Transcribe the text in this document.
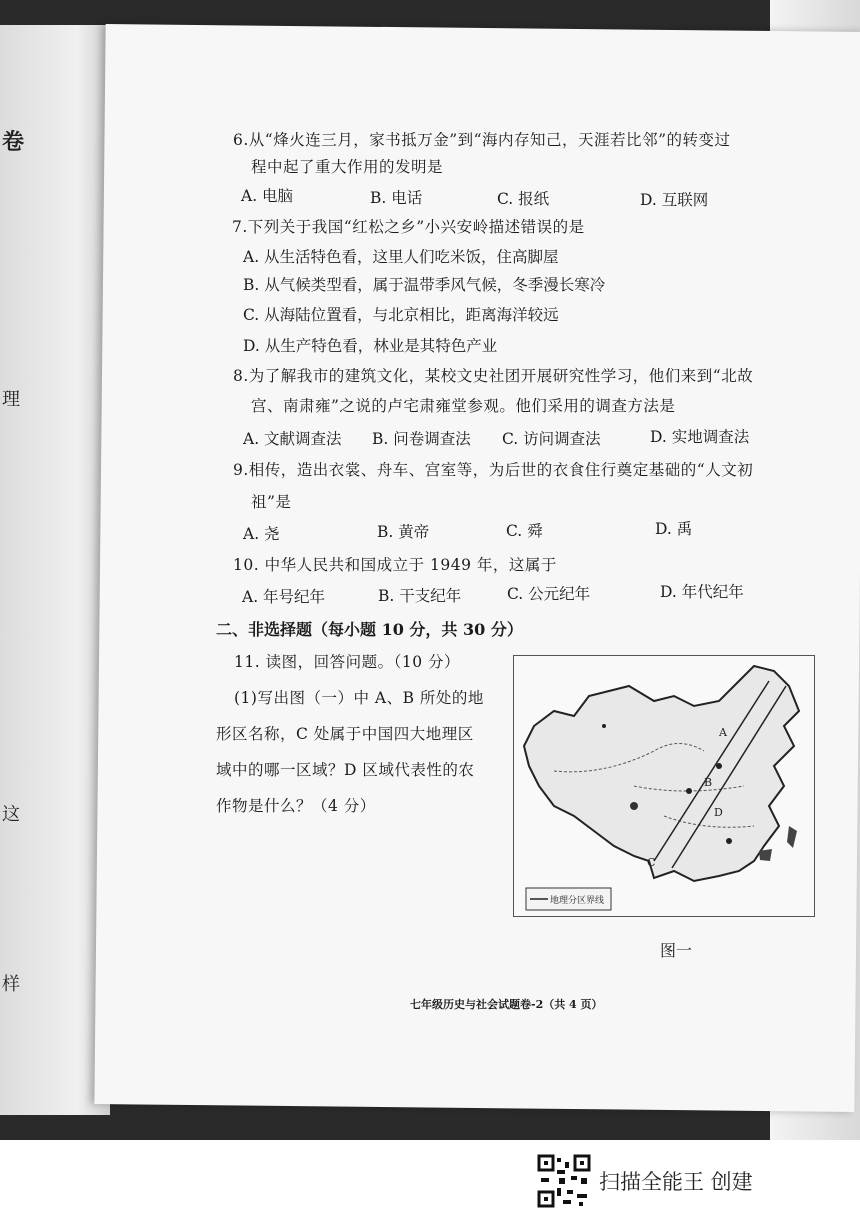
卷
理
这
样
6.从“烽火连三月，家书抵万金”到“海内存知己，天涯若比邻”的转变过
程中起了重大作用的发明是
A. 电脑	B. 电话	C. 报纸	D. 互联网
7.下列关于我国“红松之乡”小兴安岭描述错误的是
A. 从生活特色看，这里人们吃米饭，住高脚屋
B. 从气候类型看，属于温带季风气候，冬季漫长寒冷
C. 从海陆位置看，与北京相比，距离海洋较远
D. 从生产特色看，林业是其特色产业
8.为了解我市的建筑文化，某校文史社团开展研究性学习，他们来到“北故
宫、南肃雍”之说的卢宅肃雍堂参观。他们采用的调查方法是
A. 文献调查法 B. 问卷调查法 C. 访问调查法	D. 实地调查法
9.相传，造出衣裳、舟车、宫室等，为后世的衣食住行奠定基础的“人文初
祖”是
A. 尧	B. 黄帝	C. 舜	D. 禹
10. 中华人民共和国成立于 1949 年，这属于
A. 年号纪年	B. 干支纪年	C. 公元纪年	D. 年代纪年
二、非选择题（每小题 10 分，共 30 分）
11. 读图，回答问题。（10 分）
(1)写出图（一）中 A、B 所处的地
形区名称，C 处属于中国四大地理区
域中的哪一区域？D 区域代表性的农
作物是什么？（4 分）
A
B
C
D
地理分区界线
图一
七年级历史与社会试题卷-2（共 4 页）
扫描全能王 创建
